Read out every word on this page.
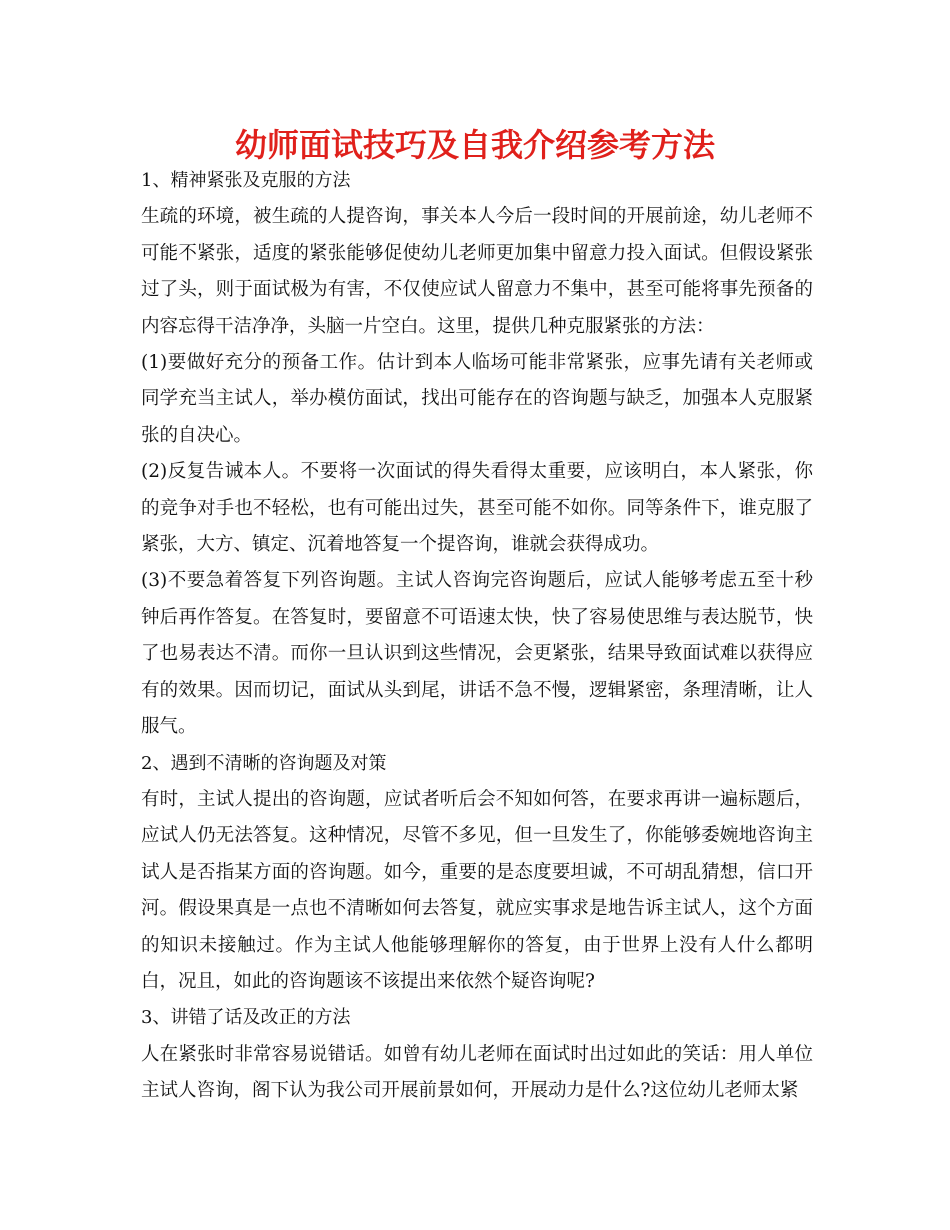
幼师面试技巧及自我介绍参考方法

1、精神紧张及克服的方法

生疏的环境，被生疏的人提咨询，事关本人今后一段时间的开展前途，幼儿老师不可能不紧张，适度的紧张能够促使幼儿老师更加集中留意力投入面试。但假设紧张过了头，则于面试极为有害，不仅使应试人留意力不集中，甚至可能将事先预备的内容忘得干洁净净，头脑一片空白。这里，提供几种克服紧张的方法：

(1)要做好充分的预备工作。估计到本人临场可能非常紧张，应事先请有关老师或同学充当主试人，举办模仿面试，找出可能存在的咨询题与缺乏，加强本人克服紧张的自决心。

(2)反复告诫本人。不要将一次面试的得失看得太重要，应该明白，本人紧张，你的竞争对手也不轻松，也有可能出过失，甚至可能不如你。同等条件下，谁克服了紧张，大方、镇定、沉着地答复一个提咨询，谁就会获得成功。

(3)不要急着答复下列咨询题。主试人咨询完咨询题后，应试人能够考虑五至十秒钟后再作答复。在答复时，要留意不可语速太快，快了容易使思维与表达脱节，快了也易表达不清。而你一旦认识到这些情况，会更紧张，结果导致面试难以获得应有的效果。因而切记，面试从头到尾，讲话不急不慢，逻辑紧密，条理清晰，让人服气。

2、遇到不清晰的咨询题及对策

有时，主试人提出的咨询题，应试者听后会不知如何答，在要求再讲一遍标题后，应试人仍无法答复。这种情况，尽管不多见，但一旦发生了，你能够委婉地咨询主试人是否指某方面的咨询题。如今，重要的是态度要坦诚，不可胡乱猜想，信口开河。假设果真是一点也不清晰如何去答复，就应实事求是地告诉主试人，这个方面的知识未接触过。作为主试人他能够理解你的答复，由于世界上没有人什么都明白，况且，如此的咨询题该不该提出来依然个疑咨询呢?

3、讲错了话及改正的方法

人在紧张时非常容易说错话。如曾有幼儿老师在面试时出过如此的笑话：用人单位主试人咨询，阁下认为我公司开展前景如何，开展动力是什么?这位幼儿老师太紧
